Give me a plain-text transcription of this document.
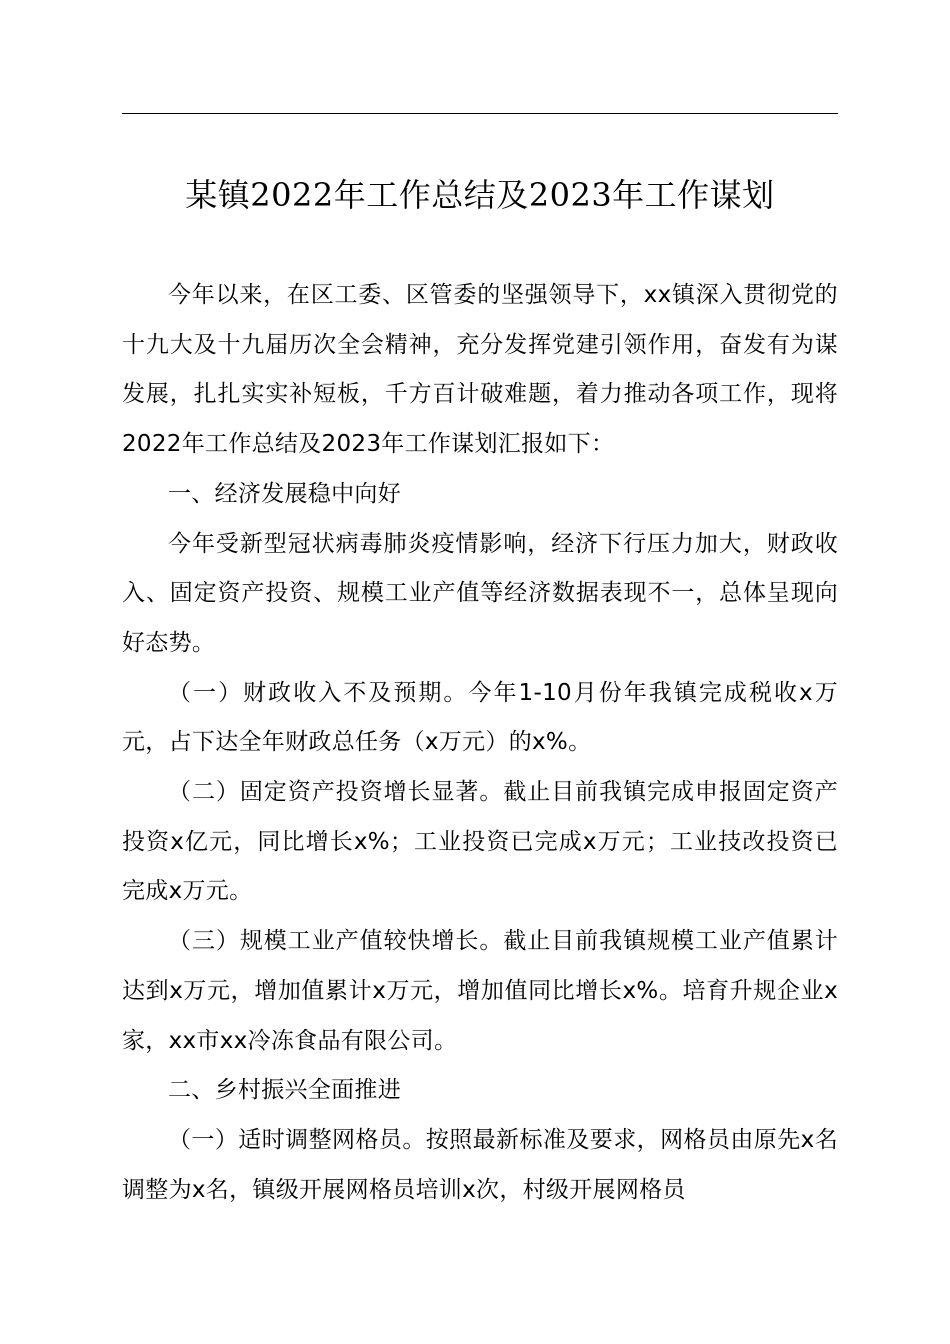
某镇2022年工作总结及2023年工作谋划

今年以来，在区工委、区管委的坚强领导下，xx镇深入贯彻党的十九大及十九届历次全会精神，充分发挥党建引领作用，奋发有为谋发展，扎扎实实补短板，千方百计破难题，着力推动各项工作，现将2022年工作总结及2023年工作谋划汇报如下：

一、经济发展稳中向好

今年受新型冠状病毒肺炎疫情影响，经济下行压力加大，财政收入、固定资产投资、规模工业产值等经济数据表现不一，总体呈现向好态势。

（一）财政收入不及预期。今年1-10月份年我镇完成税收x万元，占下达全年财政总任务（x万元）的x%。

（二）固定资产投资增长显著。截止目前我镇完成申报固定资产投资x亿元，同比增长x%；工业投资已完成x万元；工业技改投资已完成x万元。

（三）规模工业产值较快增长。截止目前我镇规模工业产值累计达到x万元，增加值累计x万元，增加值同比增长x%。培育升规企业x家，xx市xx冷冻食品有限公司。

二、乡村振兴全面推进

（一）适时调整网格员。按照最新标准及要求，网格员由原先x名调整为x名，镇级开展网格员培训x次，村级开展网格员
